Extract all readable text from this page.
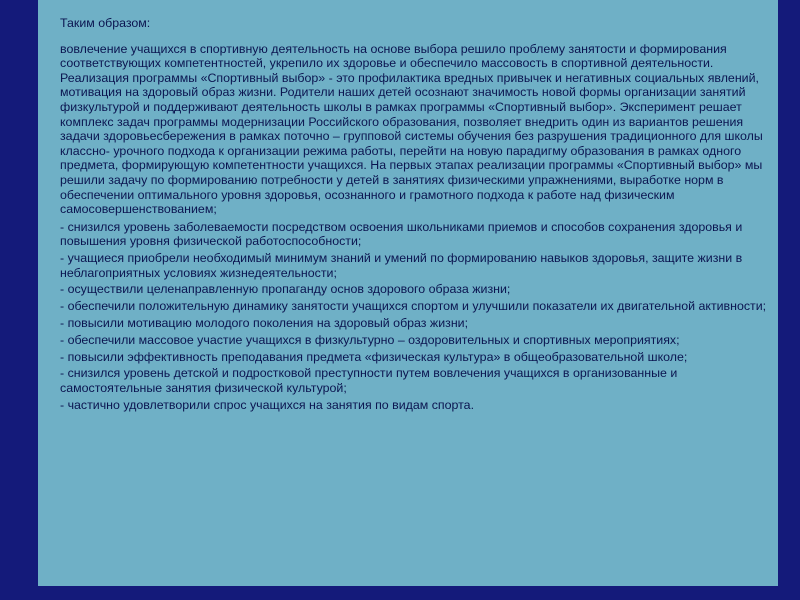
Таким образом:

вовлечение учащихся в спортивную деятельность на основе выбора решило проблему занятости и формирования соответствующих компетентностей, укрепило их здоровье и обеспечило массовость в спортивной деятельности. Реализация программы «Спортивный выбор» - это профилактика вредных привычек и негативных социальных явлений, мотивация на здоровый образ жизни. Родители наших детей осознают значимость новой формы организации занятий физкультурой и поддерживают деятельность школы в рамках программы «Спортивный выбор». Эксперимент решает комплекс задач программы модернизации Российского образования, позволяет внедрить один из вариантов решения задачи здоровьесбережения в рамках поточно – групповой системы обучения без разрушения традиционного для школы классно- урочного подхода к организации режима работы, перейти на новую парадигму образования в рамках одного предмета, формирующую компетентности учащихся. На первых этапах реализации программы «Спортивный выбор» мы решили задачу по формированию потребности у детей в занятиях физическими упражнениями, выработке норм в обеспечении оптимального уровня здоровья, осознанного и грамотного подхода к работе над физическим самосовершенствованием;

- снизился уровень заболеваемости посредством освоения школьниками приемов и способов сохранения здоровья и повышения уровня физической работоспособности;

- учащиеся приобрели необходимый минимум знаний и умений по формированию навыков здоровья, защите жизни в неблагоприятных условиях жизнедеятельности;

- осуществили целенаправленную пропаганду основ здорового образа жизни;

- обеспечили положительную динамику занятости учащихся спортом и улучшили показатели их двигательной активности;

- повысили мотивацию молодого поколения на здоровый образ жизни;

- обеспечили массовое участие учащихся в физкультурно – оздоровительных и спортивных мероприятиях;

- повысили эффективность преподавания предмета «физическая культура» в общеобразовательной школе;

- снизился уровень детской и подростковой преступности путем вовлечения учащихся в организованные и самостоятельные занятия физической культурой;

- частично удовлетворили спрос учащихся на занятия по видам спорта.
